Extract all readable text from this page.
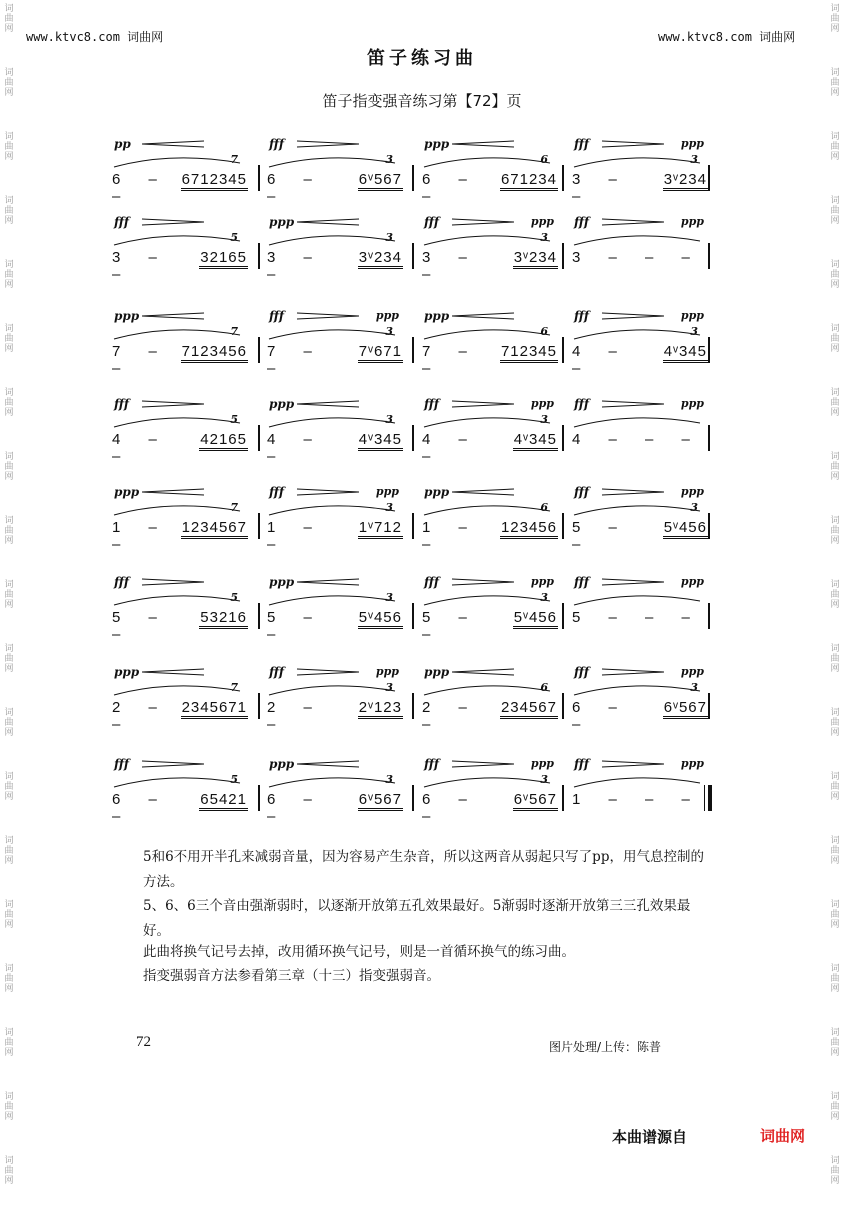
词
曲
网
词
曲
网
词
曲
网
词
曲
网
词
曲
网
词
曲
网
词
曲
网
词
曲
网
词
曲
网
词
曲
网
词
曲
网
词
曲
网
词
曲
网
词
曲
网
词
曲
网
词
曲
网
词
曲
网
词
曲
网
词
曲
网
词
曲
网
词
曲
网
词
曲
网
词
曲
网
词
曲
网
词
曲
网
词
曲
网
词
曲
网
词
曲
网
词
曲
网
词
曲
网
词
曲
网
词
曲
网
词
曲
网
词
曲
网
词
曲
网
词
曲
网
词
曲
网
词
曲
网
www.ktvc8.com 词曲网	www.ktvc8.com 词曲网
笛子练习曲
笛子指变强音练习第【72】页
pp
7
6 – –
6712345
fff
3
6 – –
6ᵛ567
ppp
6
6 – –
671234
fff	ppp
3
3 – –
3ᵛ234
fff
5
3 – –
32165
ppp
3
3 – –
3ᵛ234
fff	ppp
3
3 – –
3ᵛ234
fff	ppp
3 – – –
ppp
7
7 – –
7123456
fff	ppp
3
7 – –
7ᵛ671
ppp
6
7 – –
712345
fff	ppp
3
4 – –
4ᵛ345
fff
5
4 – –
42165
ppp
3
4 – –
4ᵛ345
fff	ppp
3
4 – –
4ᵛ345
fff	ppp
4 – – –
ppp
7
1 – –
1234567
fff	ppp
3
1 – –
1ᵛ712
ppp
6
1 – –
123456
fff	ppp
3
5 – –
5ᵛ456
fff
5
5 – –
53216
ppp
3
5 – –
5ᵛ456
fff	ppp
3
5 – –
5ᵛ456
fff	ppp
5 – – –
ppp
7
2 – –
2345671
fff	ppp
3
2 – –
2ᵛ123
ppp
6
2 – –
234567
fff	ppp
3
6 – –
6ᵛ567
fff
5
6 – –
65421
ppp
3
6 – –
6ᵛ567
fff	ppp
3
6 – –
6ᵛ567
fff	ppp
1 – – –
5和6不用开半孔来减弱音量，因为容易产生杂音，所以这两音从弱起只写了pp，用气息控制的方法。
5、6、6三个音由强渐弱时，以逐渐开放第五孔效果最好。5渐弱时逐渐开放第三三孔效果最好。
此曲将换气记号去掉，改用循环换气记号，则是一首循环换气的练习曲。
指变强弱音方法参看第三章（十三）指变强弱音。
72	图片处理/上传：陈普
本曲谱源自	词曲网
